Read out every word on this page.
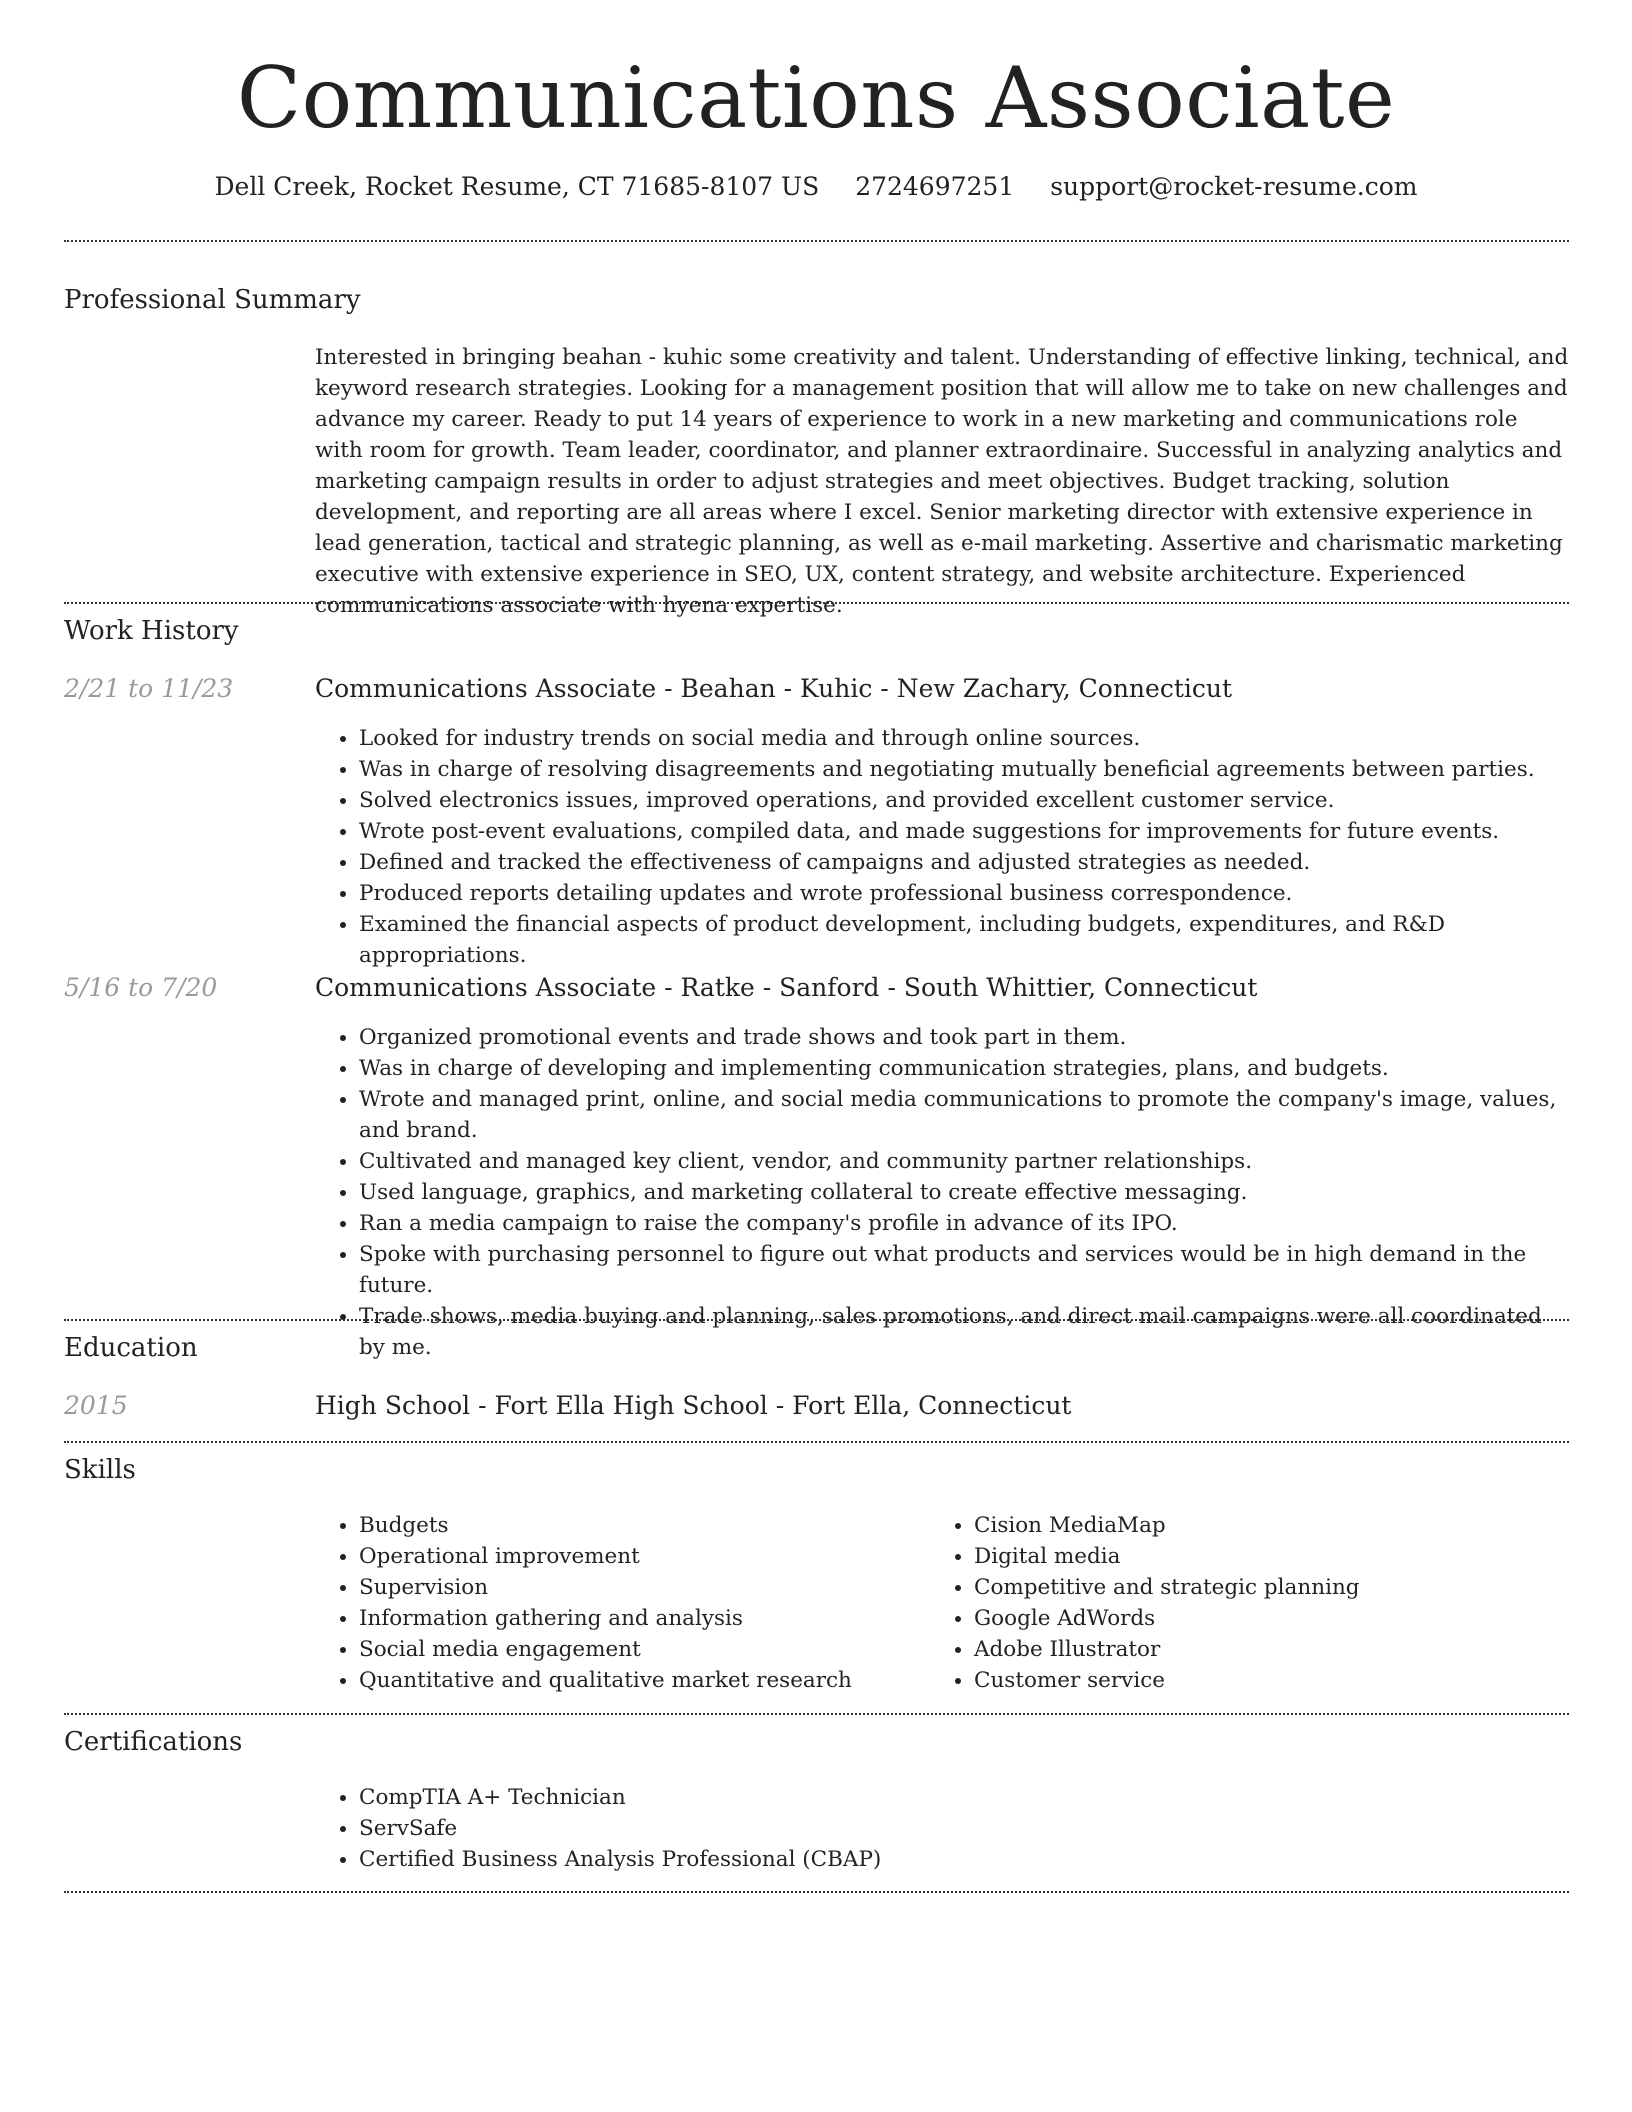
Communications Associate
Dell Creek, Rocket Resume, CT 71685-8107 US 2724697251 support@rocket-resume.com
Professional Summary

Interested in bringing beahan - kuhic some creativity and talent. Understanding of effective linking, technical, and keyword research strategies. Looking for a management position that will allow me to take on new challenges and advance my career. Ready to put 14 years of experience to work in a new marketing and communications role with room for growth. Team leader, coordinator, and planner extraordinaire. Successful in analyzing analytics and marketing campaign results in order to adjust strategies and meet objectives. Budget tracking, solution development, and reporting are all areas where I excel. Senior marketing director with extensive experience in lead generation, tactical and strategic planning, as well as e-mail marketing. Assertive and charismatic marketing executive with extensive experience in SEO, UX, content strategy, and website architecture. Experienced communications associate with hyena expertise.

Work History
2/21 to 11/23	Communications Associate - Beahan - Kuhic - New Zachary, Connecticut
• Looked for industry trends on social media and through online sources.
• Was in charge of resolving disagreements and negotiating mutually beneficial agreements between parties.
• Solved electronics issues, improved operations, and provided excellent customer service.
• Wrote post-event evaluations, compiled data, and made suggestions for improvements for future events.
• Defined and tracked the effectiveness of campaigns and adjusted strategies as needed.
• Produced reports detailing updates and wrote professional business correspondence.
• Examined the financial aspects of product development, including budgets, expenditures, and R&D appropriations.
5/16 to 7/20	Communications Associate - Ratke - Sanford - South Whittier, Connecticut
• Organized promotional events and trade shows and took part in them.
• Was in charge of developing and implementing communication strategies, plans, and budgets.
• Wrote and managed print, online, and social media communications to promote the company's image, values, and brand.
• Cultivated and managed key client, vendor, and community partner relationships.
• Used language, graphics, and marketing collateral to create effective messaging.
• Ran a media campaign to raise the company's profile in advance of its IPO.
• Spoke with purchasing personnel to figure out what products and services would be in high demand in the future.
• Trade shows, media buying and planning, sales promotions, and direct mail campaigns were all coordinated by me.
Education
2015	High School - Fort Ella High School - Fort Ella, Connecticut
Skills
• Budgets
• Operational improvement
• Supervision
• Information gathering and analysis
• Social media engagement
• Quantitative and qualitative market research
• Cision MediaMap
• Digital media
• Competitive and strategic planning
• Google AdWords
• Adobe Illustrator
• Customer service
Certifications
• CompTIA A+ Technician
• ServSafe
• Certified Business Analysis Professional (CBAP)
